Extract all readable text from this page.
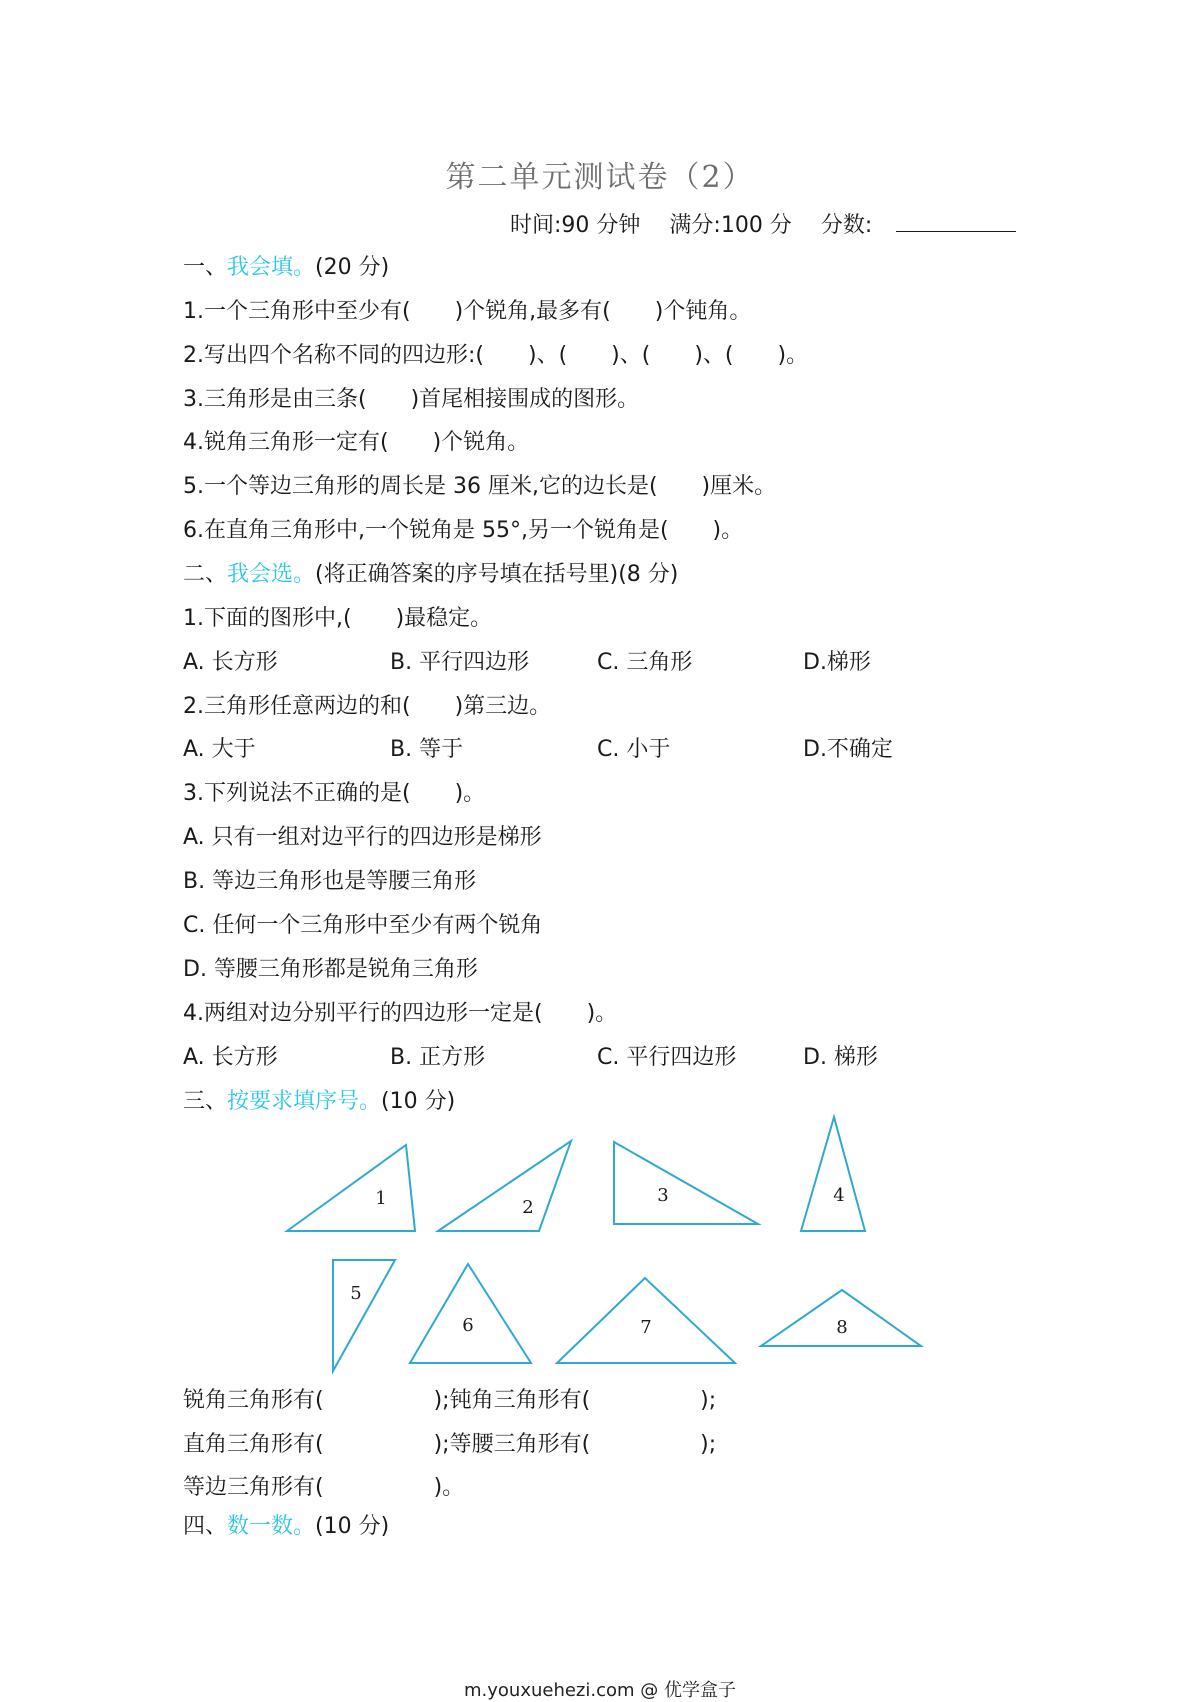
第二单元测试卷（2）
时间:90 分钟 满分:100 分 分数:
一、我会填。(20 分)
1.一个三角形中至少有(　　)个锐角,最多有(　　)个钝角。
2.写出四个名称不同的四边形:(　　)、(　　)、(　　)、(　　)。
3.三角形是由三条(　　)首尾相接围成的图形。
4.锐角三角形一定有(　　)个锐角。
5.一个等边三角形的周长是 36 厘米,它的边长是(　　)厘米。
6.在直角三角形中,一个锐角是 55°,另一个锐角是(　　)。
二、我会选。(将正确答案的序号填在括号里)(8 分)
1.下面的图形中,(　　)最稳定。
A. 长方形	B. 平行四边形	C. 三角形	D.梯形
2.三角形任意两边的和(　　)第三边。
A. 大于	B. 等于	C. 小于	D.不确定
3.下列说法不正确的是(　　)。
A. 只有一组对边平行的四边形是梯形
B. 等边三角形也是等腰三角形
C. 任何一个三角形中至少有两个锐角
D. 等腰三角形都是锐角三角形
4.两组对边分别平行的四边形一定是(　　)。
A. 长方形	B. 正方形	C. 平行四边形	D. 梯形
三、按要求填序号。(10 分)
1	2
3	4
5
6	7	8
锐角三角形有(　　　　　);钝角三角形有(　　　　　);
直角三角形有(　　　　　);等腰三角形有(　　　　　);
等边三角形有(　　　　　)。
四、数一数。(10 分)
m.youxuehezi.com @ 优学盒子
